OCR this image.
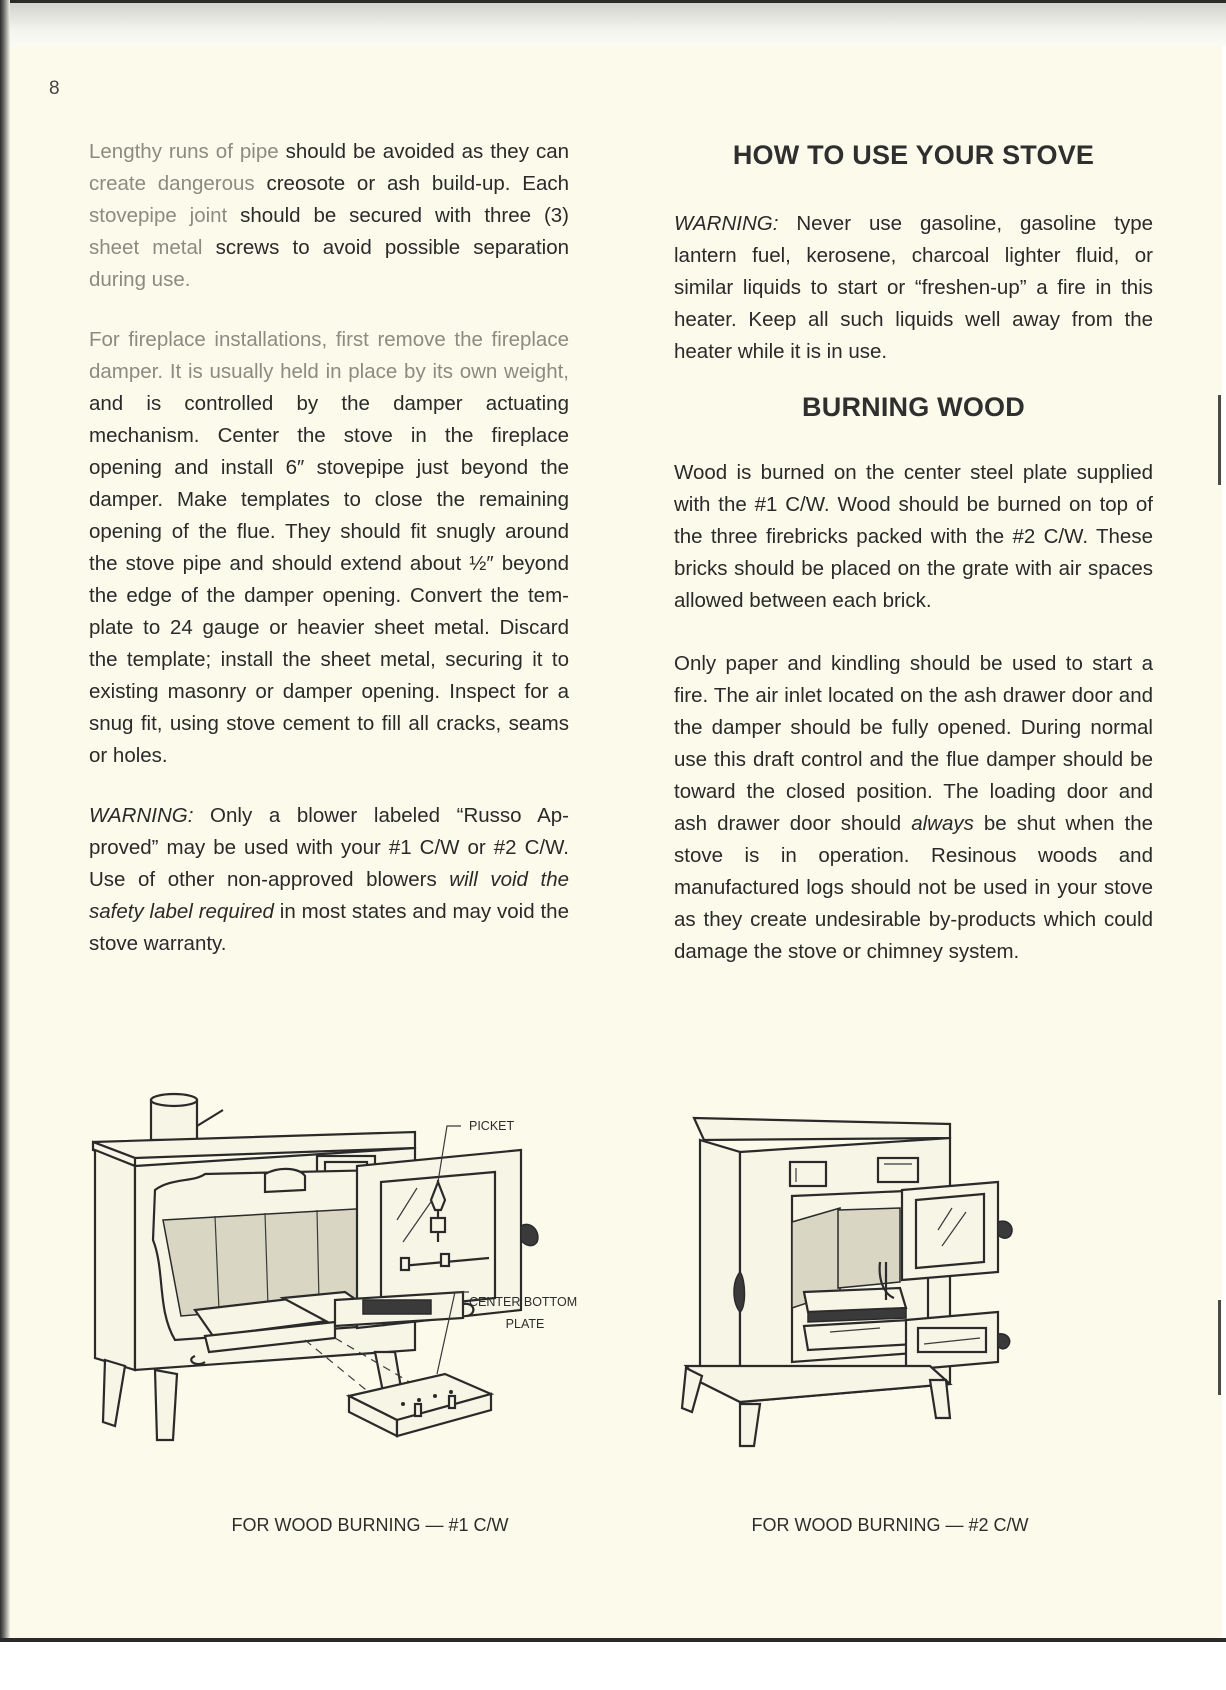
8

Lengthy runs of pipe should be avoided as they can create dangerous creosote or ash build-up. Each stovepipe joint should be secured with three (3) sheet metal screws to avoid possible separation during use.

For fireplace installations, first remove the fireplace damper. It is usually held in place by its own weight, and is controlled by the damper actuating mechanism. Center the stove in the fireplace opening and install 6″ stovepipe just beyond the damper. Make templates to close the remaining opening of the flue. They should fit snugly around the stove pipe and should extend about ½″ beyond the edge of the damper opening. Convert the tem-plate to 24 gauge or heavier sheet metal. Discard the template; install the sheet metal, securing it to existing masonry or damper opening. Inspect for a snug fit, using stove cement to fill all cracks, seams or holes.

WARNING: Only a blower labeled “Russo Ap-proved” may be used with your #1 C/W or #2 C/W. Use of other non-approved blowers will void the safety label required in most states and may void the stove warranty.

HOW TO USE YOUR STOVE

WARNING: Never use gasoline, gasoline type lantern fuel, kerosene, charcoal lighter fluid, or similar liquids to start or “freshen-up” a fire in this heater. Keep all such liquids well away from the heater while it is in use.

BURNING WOOD

Wood is burned on the center steel plate supplied with the #1 C/W. Wood should be burned on top of the three firebricks packed with the #2 C/W. These bricks should be placed on the grate with air spaces allowed between each brick.

Only paper and kindling should be used to start a fire. The air inlet located on the ash drawer door and the damper should be fully opened. During normal use this draft control and the flue damper should be toward the closed position. The loading door and ash drawer door should always be shut when the stove is in operation. Resinous woods and manufactured logs should not be used in your stove as they create undesirable by-products which could damage the stove or chimney system.

PICKET
CENTER BOTTOM
PLATE
FOR WOOD BURNING — #1 C/W	FOR WOOD BURNING — #2 C/W
